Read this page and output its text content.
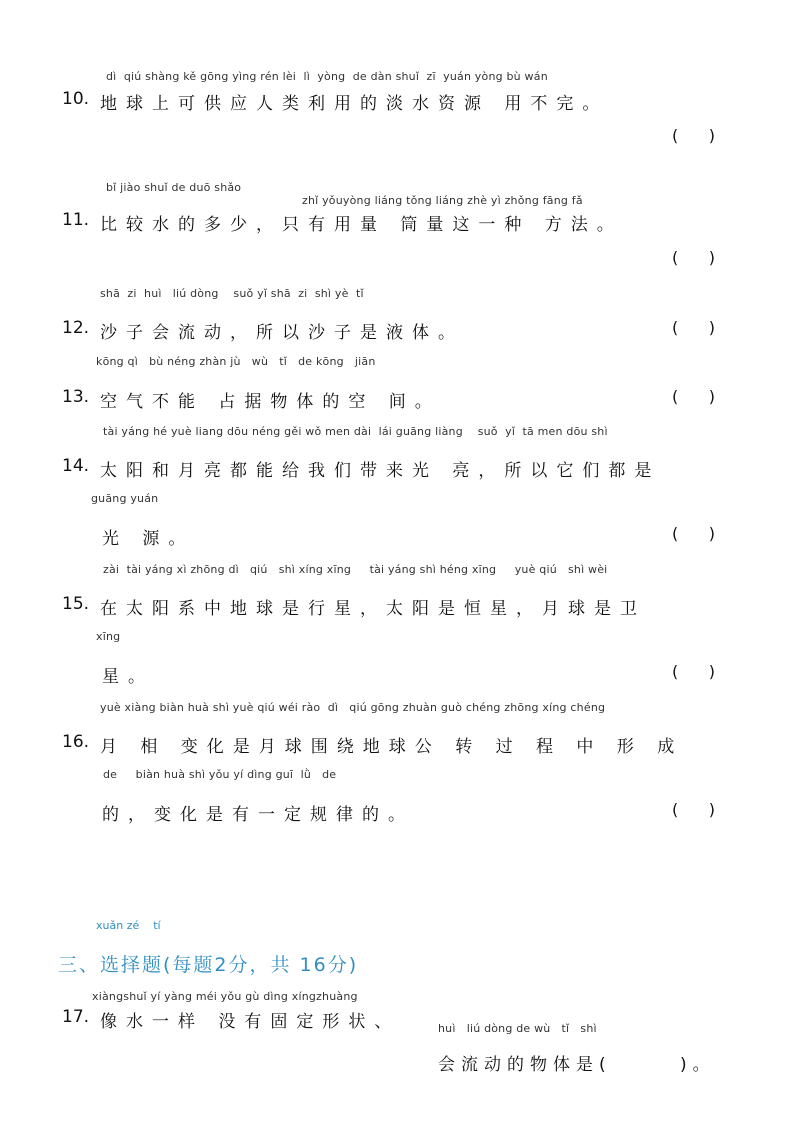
dì  qiú shàng kě gōng yìng rén lèi  lì  yòng  de dàn shuǐ  zī  yuán yòng bù wán
10. 地球上可供应人类利用的淡水资源 用不完。
(      )
bǐ jiào shuǐ de duō shǎo
zhǐ yǒuyòng liáng tǒng liáng zhè yì zhǒng fāng fǎ
11. 比较水的多少，只有用量 筒量这一种 方法。
(      )
shā  zi  huì   liú dòng    suǒ yǐ shā  zi  shì yè  tǐ
12. 沙子会流动，所以沙子是液体。	(      )
kōng qì   bù néng zhàn jù   wù   tǐ   de kōng   jiān
13. 空气不能 占据物体的空 间。	(      )
tài yáng hé yuè liang dōu néng gěi wǒ men dài  lái guāng liàng    suǒ  yǐ  tā men dōu shì
14. 太阳和月亮都能给我们带来光 亮，所以它们都是
guāng yuán
光 源。	(      )
zài  tài yáng xì zhōng dì   qiú   shì xíng xīng     tài yáng shì héng xīng     yuè qiú   shì wèi
15. 在太阳系中地球是行星，太阳是恒星，月球是卫
xīng
星。	(      )
yuè xiàng biàn huà shì yuè qiú wéi rào  dì   qiú gōng zhuàn guò chéng zhōng xíng chéng
16. 月 相 变化是月球围绕地球公 转 过 程 中 形 成
de     biàn huà shì yǒu yí dìng guī  lǜ   de
的，变化是有一定规律的。	(      )
xuǎn zé    tí
三、选择题(每题2分，共 16分)
xiàngshuǐ yí yàng méi yǒu gù dìng xíngzhuàng
17. 像水一样 没有固定形状、	huì   liú dòng de wù   tǐ   shì
会流动的物体是(      )。
